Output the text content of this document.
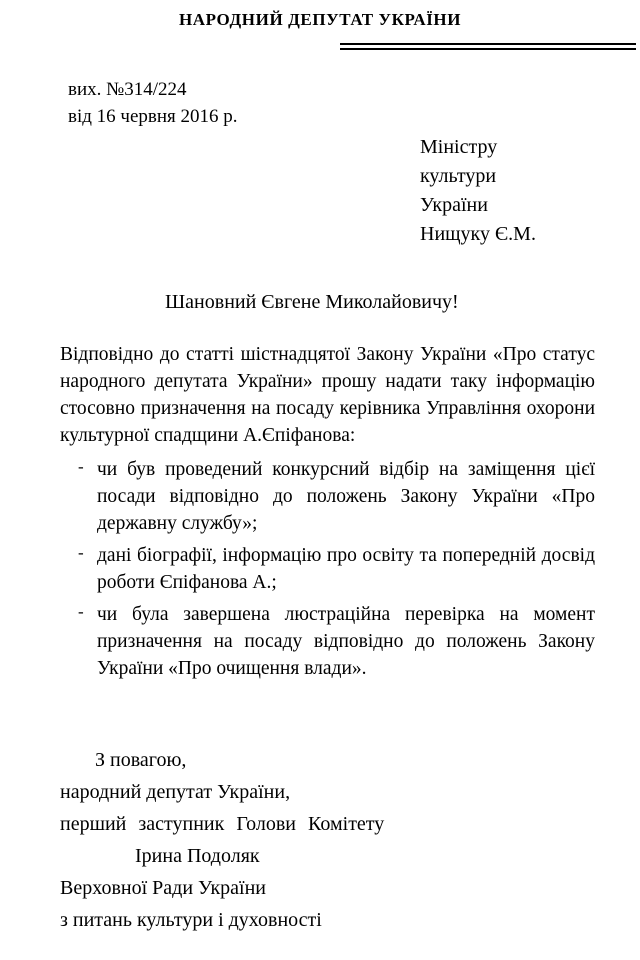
НАРОДНИЙ ДЕПУТАТ УКРАЇНИ
вих. №314/224
від 16 червня 2016 р.
Міністру
культури
України
Нищуку Є.М.
Шановний Євгене Миколайовичу!

Відповідно до статті шістнадцятої Закону України «Про статус народного депутата України» прошу надати таку інформацію стосовно призначення на посаду керівника Управління охорони культурної спадщини А.Єпіфанова:

- чи був проведений конкурсний відбір на заміщення цієї посади відповідно до положень Закону України «Про державну службу»;
- дані біографії, інформацію про освіту та попередній досвід роботи Єпіфанова А.;
- чи була завершена люстраційна перевірка на момент призначення на посаду відповідно до положень Закону України «Про очищення влади».
З повагою,
народний депутат України,
перший заступник Голови Комітету
Ірина Подоляк
Верховної Ради України
з питань культури і духовності
